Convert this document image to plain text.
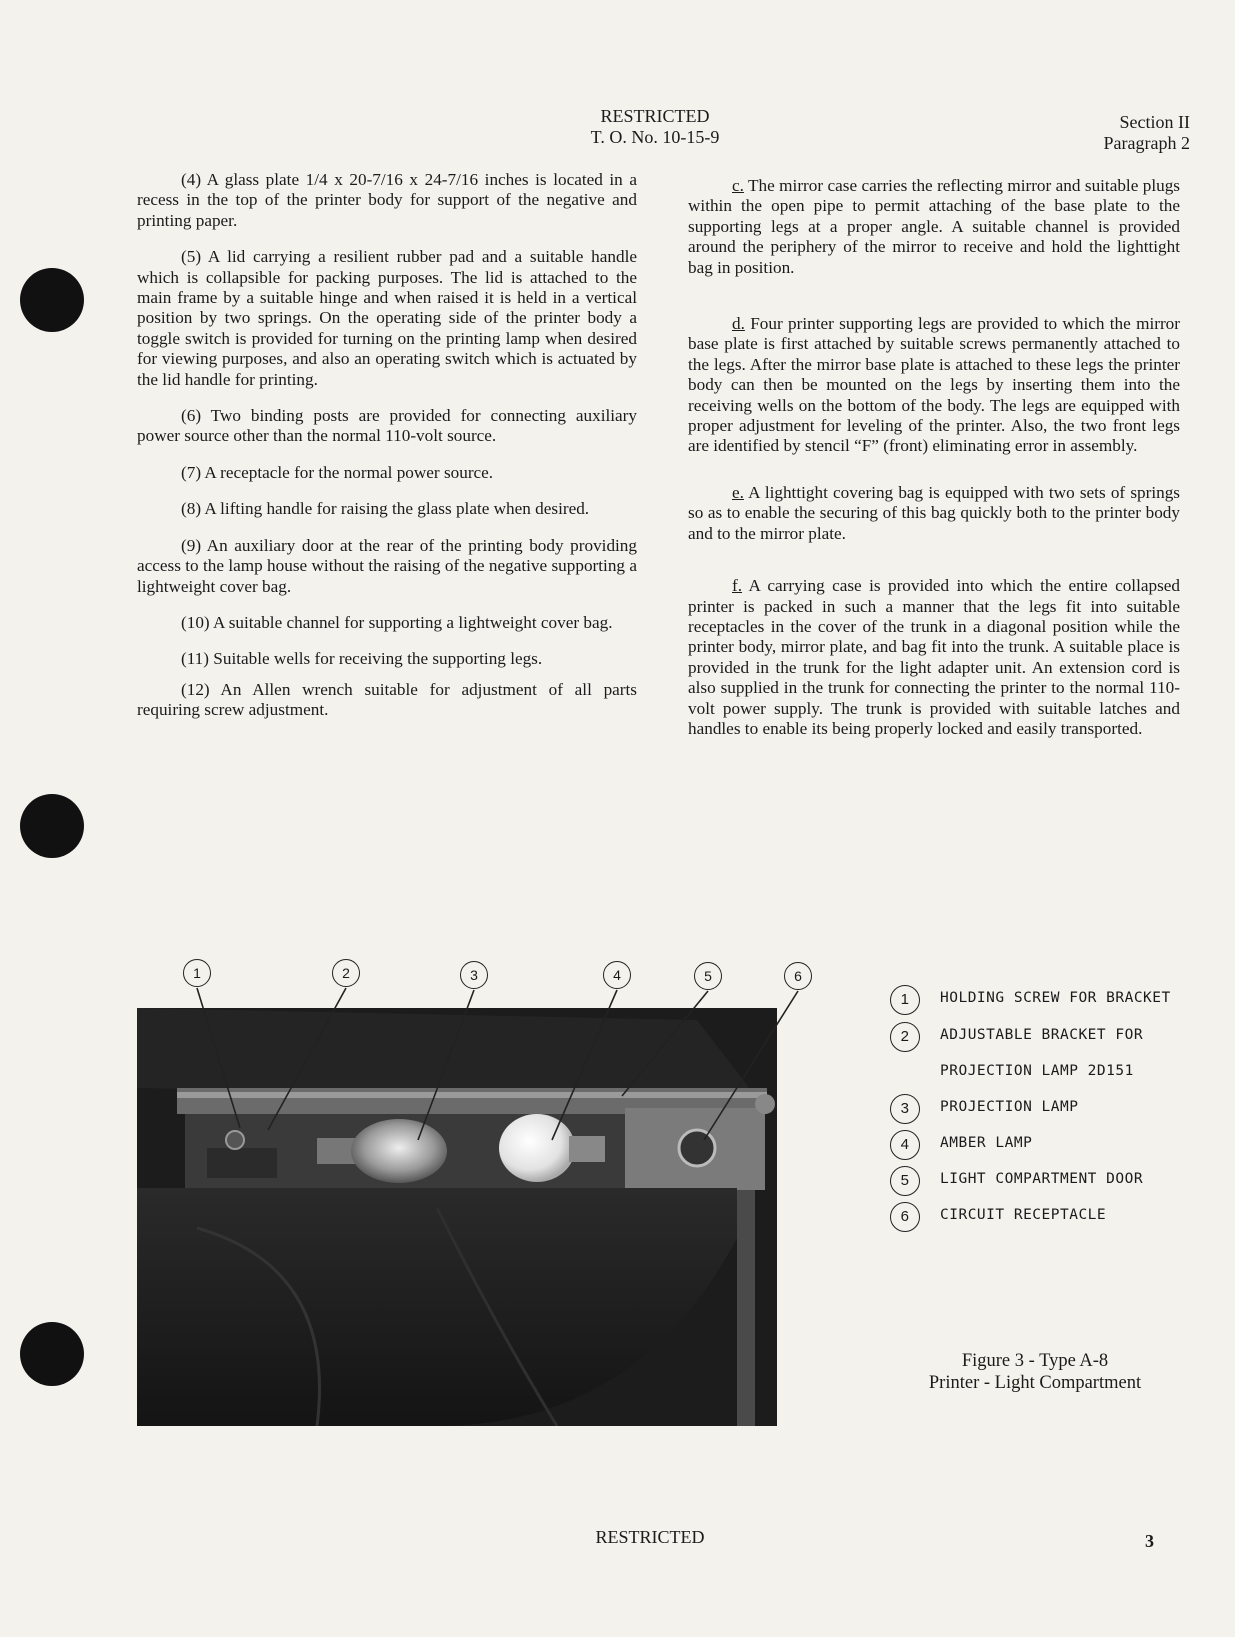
RESTRICTED
T. O. No. 10-15-9
Section II
Paragraph 2

(4) A glass plate 1/4 x 20-7/16 x 24-7/16 inches is located in a recess in the top of the printer body for support of the negative and printing paper.

(5) A lid carrying a resilient rubber pad and a suitable handle which is collapsible for packing purposes. The lid is attached to the main frame by a suitable hinge and when raised it is held in a vertical position by two springs. On the operating side of the printer body a toggle switch is provided for turning on the printing lamp when desired for viewing purposes, and also an operating switch which is actuated by the lid handle for printing.

(6) Two binding posts are provided for connecting auxiliary power source other than the normal 110-volt source.

(7) A receptacle for the normal power source.

(8) A lifting handle for raising the glass plate when desired.

(9) An auxiliary door at the rear of the printing body providing access to the lamp house without the raising of the negative supporting a lightweight cover bag.

(10) A suitable channel for supporting a lightweight cover bag.

(11) Suitable wells for receiving the supporting legs.

(12) An Allen wrench suitable for adjustment of all parts requiring screw adjustment.

c. The mirror case carries the reflecting mirror and suitable plugs within the open pipe to permit attaching of the base plate to the supporting legs at a proper angle. A suitable channel is provided around the periphery of the mirror to receive and hold the lighttight bag in position.

d. Four printer supporting legs are provided to which the mirror base plate is first attached by suitable screws permanently attached to the legs. After the mirror base plate is attached to these legs the printer body can then be mounted on the legs by inserting them into the receiving wells on the bottom of the body. The legs are equipped with proper adjustment for leveling of the printer. Also, the two front legs are identified by stencil “F” (front) eliminating error in assembly.

e. A lighttight covering bag is equipped with two sets of springs so as to enable the securing of this bag quickly both to the printer body and to the mirror plate.

f. A carrying case is provided into which the entire collapsed printer is packed in such a manner that the legs fit into suitable receptacles in the cover of the trunk in a diagonal position while the printer body, mirror plate, and bag fit into the trunk. A suitable place is provided in the trunk for the light adapter unit. An extension cord is also supplied in the trunk for connecting the printer to the normal 110-volt power supply. The trunk is provided with suitable latches and handles to enable its being properly locked and easily transported.

1	2	3	4	5	6
1	HOLDING SCREW FOR BRACKET
2	ADJUSTABLE BRACKET FOR
PROJECTION LAMP 2D151
3	PROJECTION LAMP
4	AMBER LAMP
5	LIGHT COMPARTMENT DOOR
6	CIRCUIT RECEPTACLE
Figure 3 - Type A-8
Printer - Light Compartment
RESTRICTED	3
